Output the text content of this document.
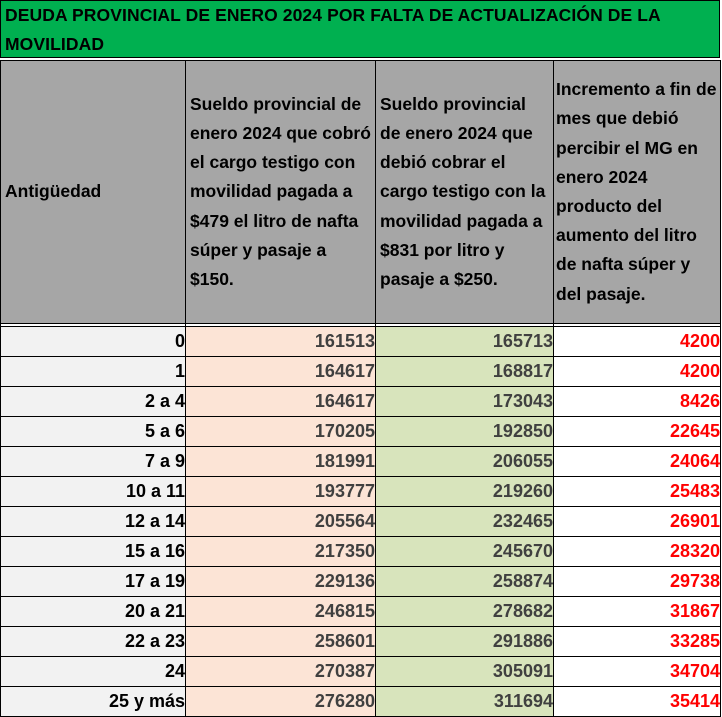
DEUDA PROVINCIAL DE ENERO 2024 POR FALTA DE ACTUALIZACIÓN DE LA MOVILIDAD
Antigüedad	Sueldo provincial de enero 2024 que cobró el cargo testigo con movilidad pagada a $479 el litro de nafta súper y pasaje a $150.	Sueldo provincial de enero 2024 que debió cobrar el cargo testigo con la movilidad pagada a $831 por litro y pasaje a $250.	Incremento a fin de mes que debió percibir el MG en enero 2024 producto del aumento del litro de nafta súper y del pasaje.

0	161513	165713	4200
1	164617	168817	4200
2 a 4	164617	173043	8426
5 a 6	170205	192850	22645
7 a 9	181991	206055	24064
10 a 11	193777	219260	25483
12 a 14	205564	232465	26901
15 a 16	217350	245670	28320
17 a 19	229136	258874	29738
20 a 21	246815	278682	31867
22 a 23	258601	291886	33285
24	270387	305091	34704
25 y más	276280	311694	35414
